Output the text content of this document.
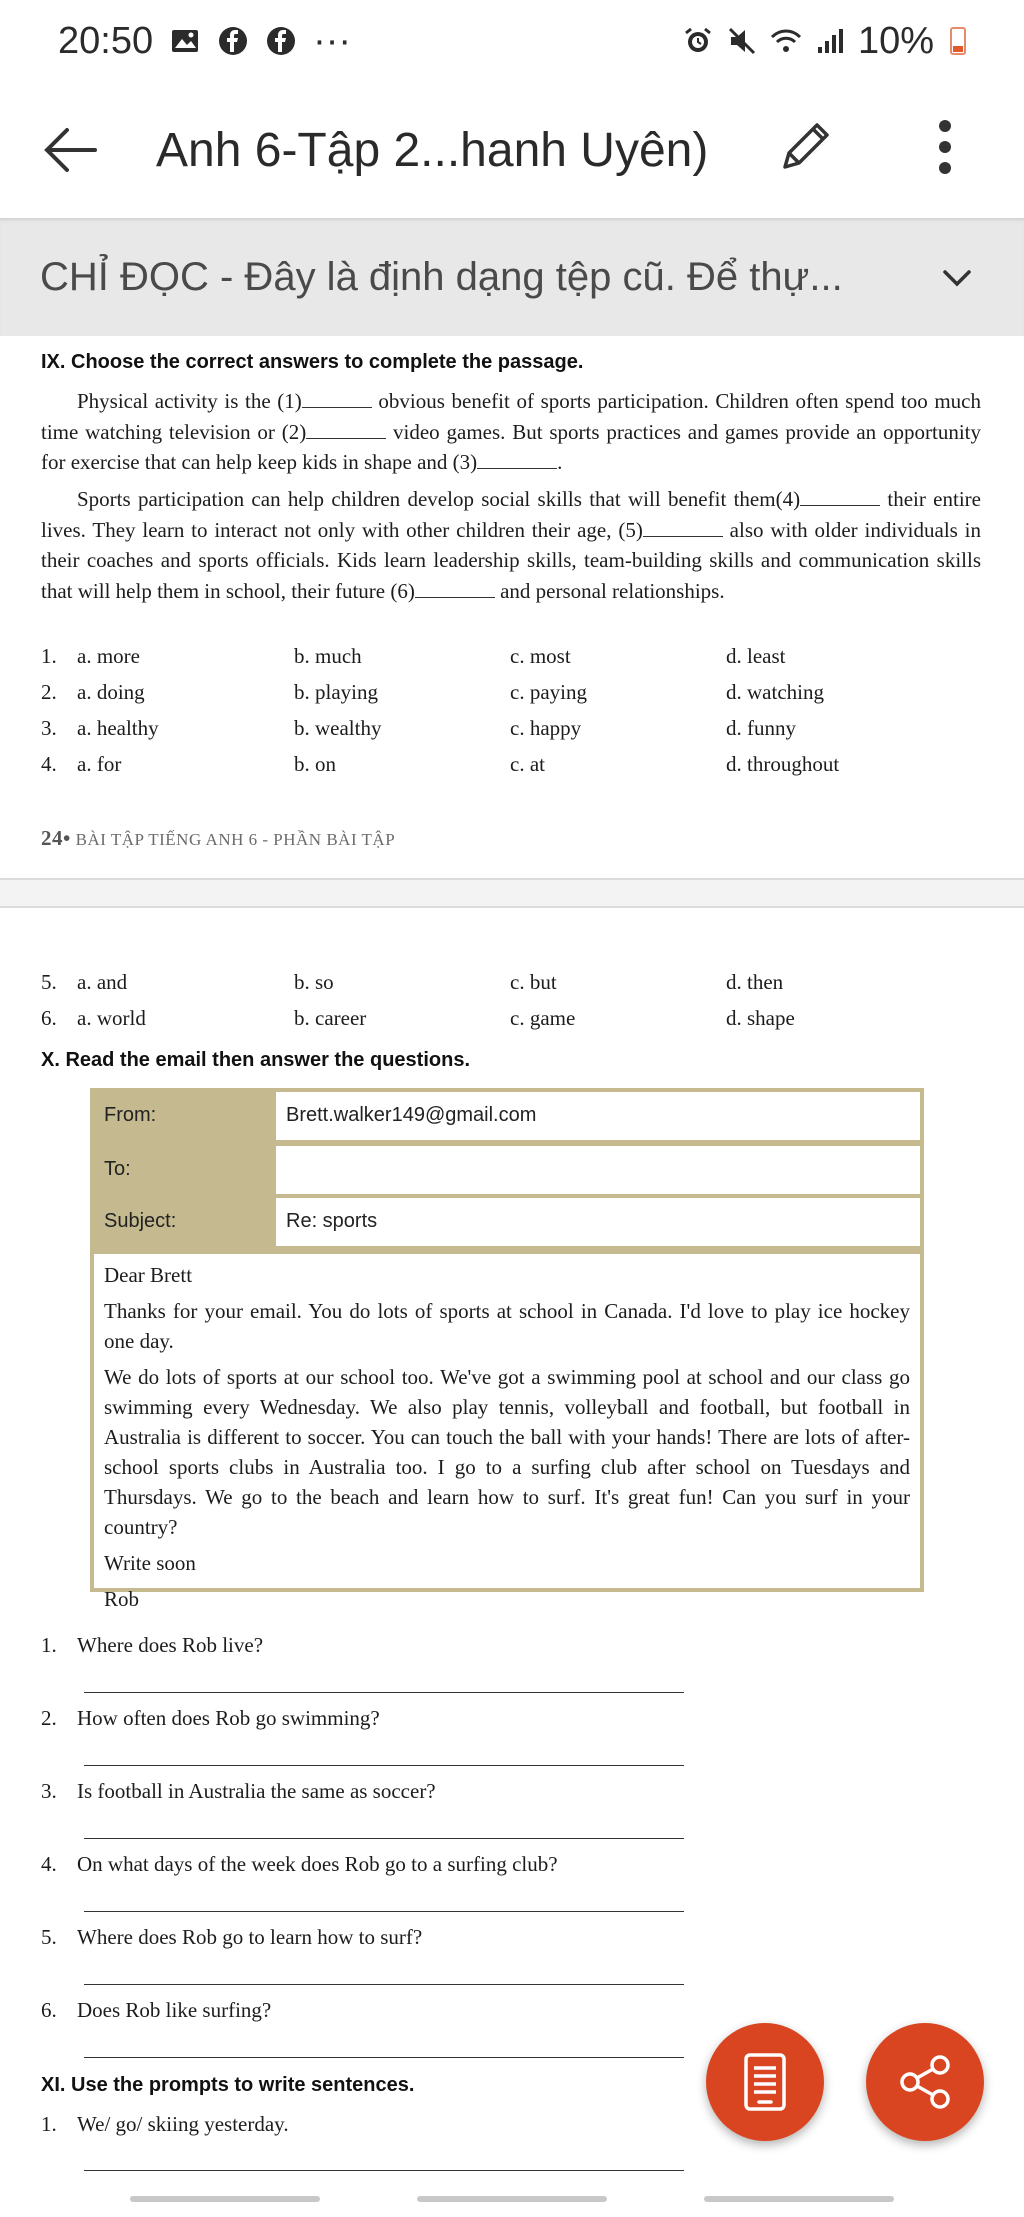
20:50	···	10%
Anh 6-Tập 2...hanh Uyên)
CHỈ ĐỌC - Đây là định dạng tệp cũ. Để thự...
IX. Choose the correct answers to complete the passage.
Physical activity is the (1)	obvious benefit of sports participation. Children often spend too much time watching television or (2)	video games. But sports practices and games provide an opportunity for exercise that can help keep kids in shape and (3)	.
Sports participation can help children develop social skills that will benefit them(4)	their entire lives. They learn to interact not only with other children their age, (5)	also with older individuals in their coaches and sports officials. Kids learn leadership skills, team-building skills and communication skills that will help them in school, their future (6)	and personal relationships.
1. a. more	b. much	c. most	d. least
2. a. doing	b. playing	c. paying	d. watching
3. a. healthy	b. wealthy	c. happy	d. funny
4. a. for	b. on	c. at	d. throughout
24• BÀI TẬP TIẾNG ANH 6 - PHẦN BÀI TẬP
5. a. and	b. so	c. but	d. then
6. a. world	b. career	c. game	d. shape
X. Read the email then answer the questions.
From:	Brett.walker149@gmail.com
To:
Subject:	Re: sports

Dear Brett

Thanks for your email. You do lots of sports at school in Canada. I'd love to play ice hockey one day.

We do lots of sports at our school too. We've got a swimming pool at school and our class go swimming every Wednesday. We also play tennis, volleyball and football, but football in Australia is different to soccer. You can touch the ball with your hands! There are lots of after-school sports clubs in Australia too. I go to a surfing club after school on Tuesdays and Thursdays. We go to the beach and learn how to surf. It's great fun! Can you surf in your country?

Write soon

Rob

1. Where does Rob live?
2. How often does Rob go swimming?
3. Is football in Australia the same as soccer?
4. On what days of the week does Rob go to a surfing club?
5. Where does Rob go to learn how to surf?
6. Does Rob like surfing?
XI. Use the prompts to write sentences.
1. We/ go/ skiing yesterday.
